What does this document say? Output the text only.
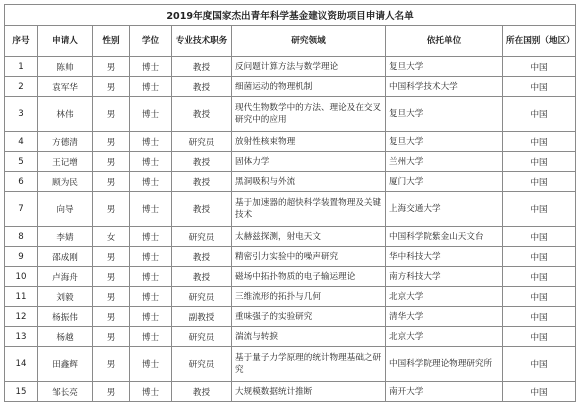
2019年度国家杰出青年科学基金建议资助项目申请人名单							
序号	申请人	性别	学位	专业技术职务	研究领域	依托单位	所在国别（地区）
1	陈帅	男	博士	教授	反问题计算方法与数学理论	复旦大学	中国
2	袁军华	男	博士	教授	细菌运动的物理机制	中国科学技术大学	中国
3	林伟	男	博士	教授	现代生物数学中的方法、理论及在交叉研究中的应用	复旦大学	中国
4	方德清	男	博士	研究员	放射性核束物理	复旦大学	中国
5	王记增	男	博士	教授	固体力学	兰州大学	中国
6	顾为民	男	博士	教授	黑洞吸积与外流	厦门大学	中国
7	向导	男	博士	教授	基于加速器的超快科学装置物理及关键技术	上海交通大学	中国
8	李婧	女	博士	研究员	太赫兹探测，射电天文	中国科学院紫金山天文台	中国
9	邵成刚	男	博士	教授	精密引力实验中的噪声研究	华中科技大学	中国
10	卢海舟	男	博士	教授	磁场中拓扑物质的电子输运理论	南方科技大学	中国
11	刘毅	男	博士	研究员	三维流形的拓扑与几何	北京大学	中国
12	杨振伟	男	博士	副教授	重味强子的实验研究	清华大学	中国
13	杨越	男	博士	研究员	湍流与转捩	北京大学	中国
14	田鑫辉	男	博士	研究员	基于量子力学原理的统计物理基础之研究	中国科学院理论物理研究所	中国
15	邹长亮	男	博士	教授	大规模数据统计推断	南开大学	中国
